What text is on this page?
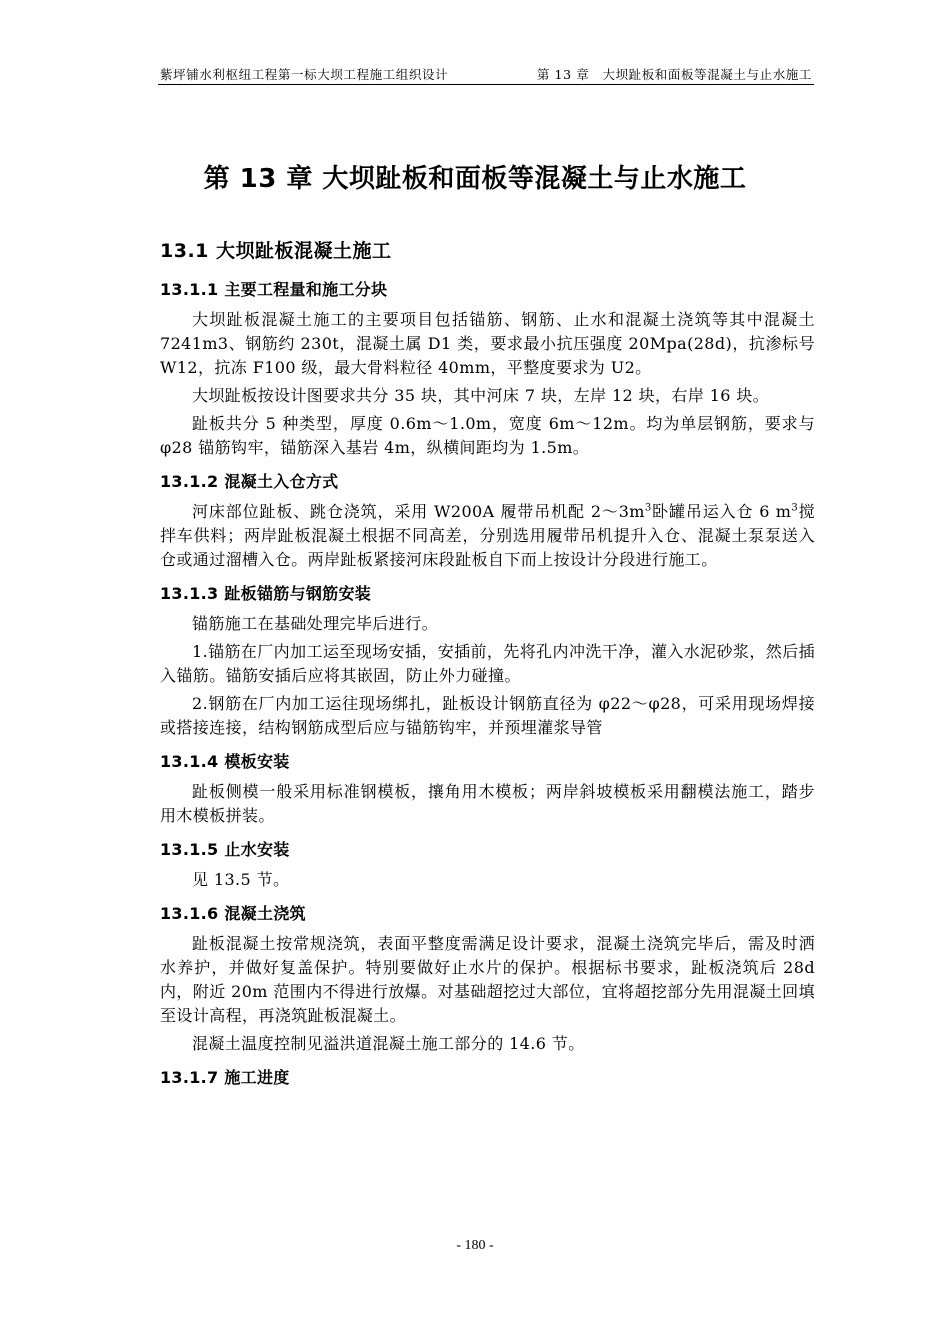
紫坪铺水利枢纽工程第一标大坝工程施工组织设计	第 13 章　大坝趾板和面板等混凝土与止水施工
第 13 章 大坝趾板和面板等混凝土与止水施工
13.1 大坝趾板混凝土施工
13.1.1 主要工程量和施工分块

大坝趾板混凝土施工的主要项目包括锚筋、钢筋、止水和混凝土浇筑等其中混凝土 7241m3、钢筋约 230t，混凝土属 D1 类，要求最小抗压强度 20Mpa(28d)，抗渗标号 W12，抗冻 F100 级，最大骨料粒径 40mm，平整度要求为 U2。

大坝趾板按设计图要求共分 35 块，其中河床 7 块，左岸 12 块，右岸 16 块。

趾板共分 5 种类型，厚度 0.6m～1.0m，宽度 6m～12m。均为单层钢筋，要求与 φ28 锚筋钩牢，锚筋深入基岩 4m，纵横间距均为 1.5m。

13.1.2 混凝土入仓方式

河床部位趾板、跳仓浇筑，采用 W200A 履带吊机配 $2\sim 3m^3$卧罐吊运入仓 6 $m^3$搅拌车供料；两岸趾板混凝土根据不同高差，分别选用履带吊机提升入仓、混凝土泵泵送入仓或通过溜槽入仓。两岸趾板紧接河床段趾板自下而上按设计分段进行施工。

13.1.3 趾板锚筋与钢筋安装

锚筋施工在基础处理完毕后进行。

1.锚筋在厂内加工运至现场安插，安插前，先将孔内冲洗干净，灌入水泥砂浆，然后插入锚筋。锚筋安插后应将其嵌固，防止外力碰撞。

2.钢筋在厂内加工运往现场绑扎，趾板设计钢筋直径为 φ22～φ28，可采用现场焊接或搭接连接，结构钢筋成型后应与锚筋钩牢，并预埋灌浆导管

13.1.4 模板安装

趾板侧模一般采用标准钢模板，攘角用木模板；两岸斜坡模板采用翻模法施工，踏步用木模板拼装。

13.1.5 止水安装

见 13.5 节。

13.1.6 混凝土浇筑

趾板混凝土按常规浇筑，表面平整度需满足设计要求，混凝土浇筑完毕后，需及时洒水养护，并做好复盖保护。特别要做好止水片的保护。根据标书要求，趾板浇筑后 28d 内，附近 20m 范围内不得进行放爆。对基础超挖过大部位，宜将超挖部分先用混凝土回填至设计高程，再浇筑趾板混凝土。

混凝土温度控制见溢洪道混凝土施工部分的 14.6 节。

13.1.7 施工进度
- 180 -
